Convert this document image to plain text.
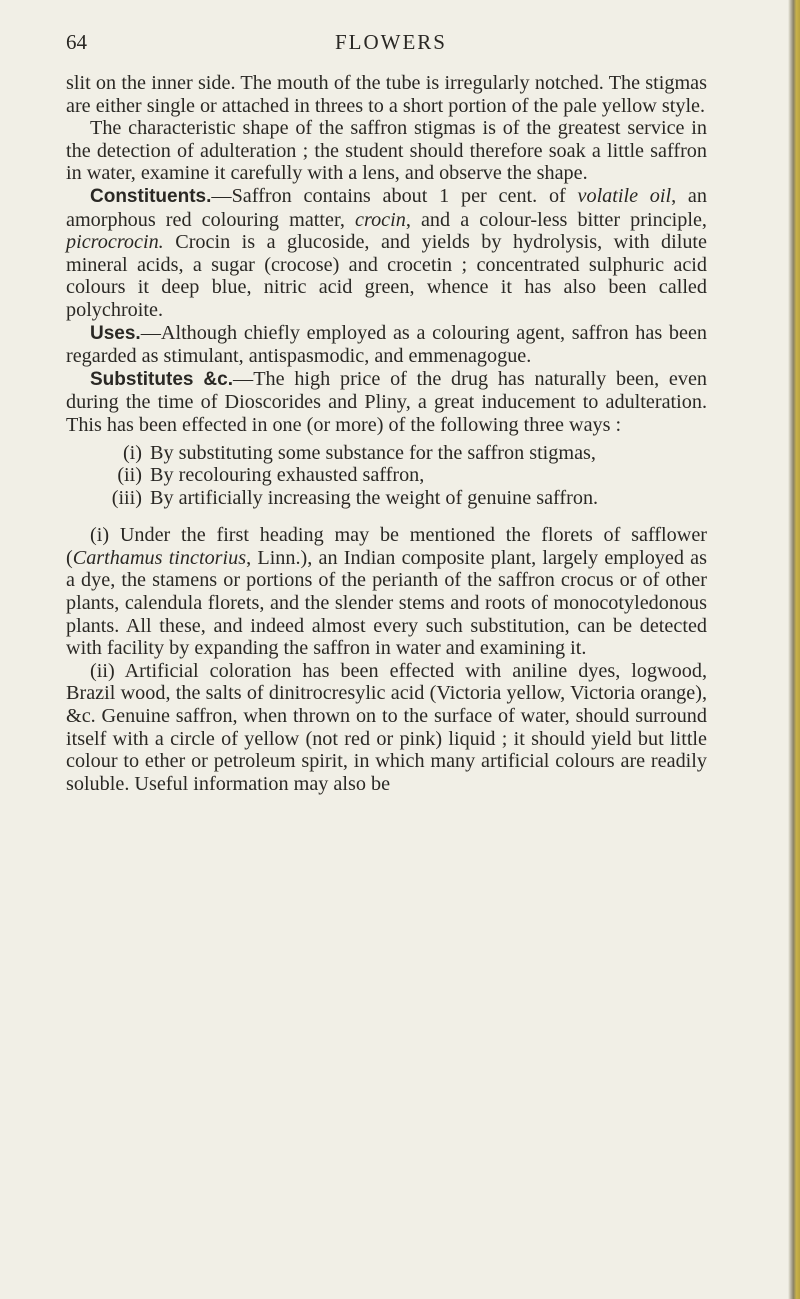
64	FLOWERS

slit on the inner side. The mouth of the tube is irregularly notched. The stigmas are either single or attached in threes to a short portion of the pale yellow style.

The characteristic shape of the saffron stigmas is of the greatest service in the detection of adulteration ; the student should therefore soak a little saffron in water, examine it carefully with a lens, and observe the shape.

Constituents.—Saffron contains about 1 per cent. of volatile oil, an amorphous red colouring matter, crocin, and a colour-less bitter principle, picrocrocin. Crocin is a glucoside, and yields by hydrolysis, with dilute mineral acids, a sugar (crocose) and crocetin ; concentrated sulphuric acid colours it deep blue, nitric acid green, whence it has also been called polychroite.

Uses.—Although chiefly employed as a colouring agent, saffron has been regarded as stimulant, antispasmodic, and emmenagogue.

Substitutes &c.—The high price of the drug has naturally been, even during the time of Dioscorides and Pliny, a great inducement to adulteration. This has been effected in one (or more) of the following three ways :

(i) By substituting some substance for the saffron stigmas,
(ii) By recolouring exhausted saffron,
(iii) By artificially increasing the weight of genuine saffron.

(i) Under the first heading may be mentioned the florets of safflower (Carthamus tinctorius, Linn.), an Indian composite plant, largely employed as a dye, the stamens or portions of the perianth of the saffron crocus or of other plants, calendula florets, and the slender stems and roots of monocotyledonous plants. All these, and indeed almost every such substitution, can be detected with facility by expanding the saffron in water and examining it.

(ii) Artificial coloration has been effected with aniline dyes, logwood, Brazil wood, the salts of dinitrocresylic acid (Victoria yellow, Victoria orange), &c. Genuine saffron, when thrown on to the surface of water, should surround itself with a circle of yellow (not red or pink) liquid ; it should yield but little colour to ether or petroleum spirit, in which many artificial colours are readily soluble. Useful information may also be
